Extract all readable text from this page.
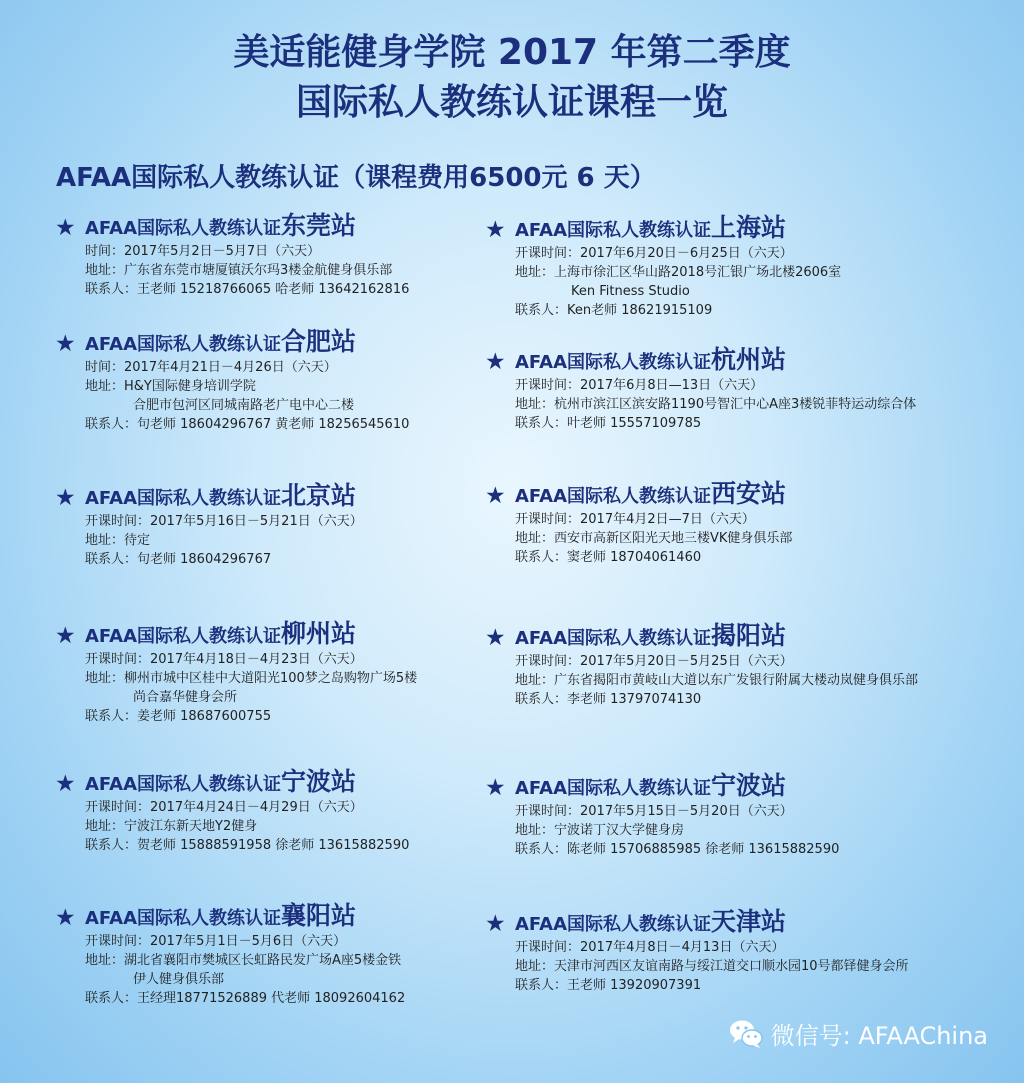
美适能健身学院 2017 年第二季度
国际私人教练认证课程一览
AFAA国际私人教练认证（课程费用6500元 6 天）
★ AFAA国际私人教练认证东莞站
时间：2017年5月2日－5月7日（六天）
地址：广东省东莞市塘厦镇沃尔玛3楼金航健身俱乐部
联系人：王老师 15218766065 哈老师 13642162816
★ AFAA国际私人教练认证合肥站
时间：2017年4月21日－4月26日（六天）
地址：H&Y国际健身培训学院
合肥市包河区同城南路老广电中心二楼
联系人：句老师 18604296767 黄老师 18256545610
★ AFAA国际私人教练认证北京站
开课时间：2017年5月16日－5月21日（六天）
地址：待定
联系人：句老师 18604296767
★ AFAA国际私人教练认证柳州站
开课时间：2017年4月18日－4月23日（六天）
地址：柳州市城中区桂中大道阳光100梦之岛购物广场5楼
尚合嘉华健身会所
联系人：姜老师 18687600755
★ AFAA国际私人教练认证宁波站
开课时间：2017年4月24日－4月29日（六天）
地址：宁波江东新天地Y2健身
联系人：贺老师 15888591958 徐老师 13615882590
★ AFAA国际私人教练认证襄阳站
开课时间：2017年5月1日－5月6日（六天）
地址：湖北省襄阳市樊城区长虹路民发广场A座5楼金铁
伊人健身俱乐部
联系人：王经理18771526889 代老师 18092604162
★ AFAA国际私人教练认证上海站
开课时间：2017年6月20日－6月25日（六天）
地址：上海市徐汇区华山路2018号汇银广场北楼2606室
Ken Fitness Studio
联系人：Ken老师 18621915109
★ AFAA国际私人教练认证杭州站
开课时间：2017年6月8日—13日（六天）
地址：杭州市滨江区滨安路1190号智汇中心A座3楼锐菲特运动综合体
联系人：叶老师 15557109785
★ AFAA国际私人教练认证西安站
开课时间：2017年4月2日—7日（六天）
地址：西安市高新区阳光天地三楼VK健身俱乐部
联系人：窦老师 18704061460
★ AFAA国际私人教练认证揭阳站
开课时间：2017年5月20日－5月25日（六天）
地址：广东省揭阳市黄岐山大道以东广发银行附属大楼动岚健身俱乐部
联系人：李老师 13797074130
★ AFAA国际私人教练认证宁波站
开课时间：2017年5月15日－5月20日（六天）
地址：宁波诺丁汉大学健身房
联系人：陈老师 15706885985 徐老师 13615882590
★ AFAA国际私人教练认证天津站
开课时间：2017年4月8日－4月13日（六天）
地址：天津市河西区友谊南路与绥江道交口顺水园10号都铎健身会所
联系人：王老师 13920907391
微信号: AFAAChina
